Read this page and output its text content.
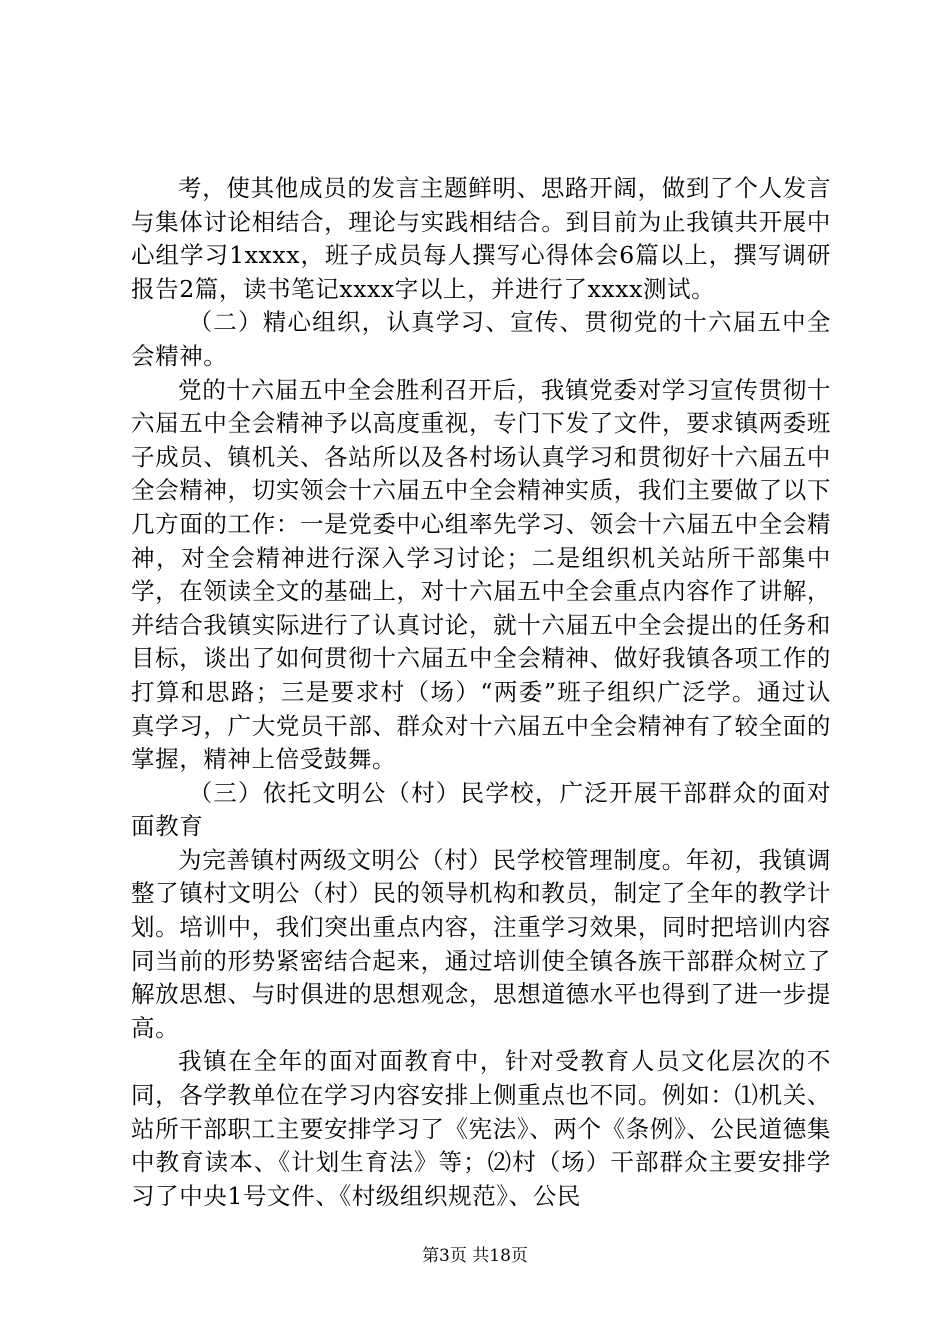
考，使其他成员的发言主题鲜明、思路开阔，做到了个人发言与集体讨论相结合，理论与实践相结合。到目前为止我镇共开展中心组学习1xxxx，班子成员每人撰写心得体会6篇以上，撰写调研报告2篇，读书笔记xxxx字以上，并进行了xxxx测试。

（二）精心组织，认真学习、宣传、贯彻党的十六届五中全会精神。

党的十六届五中全会胜利召开后，我镇党委对学习宣传贯彻十六届五中全会精神予以高度重视，专门下发了文件，要求镇两委班子成员、镇机关、各站所以及各村场认真学习和贯彻好十六届五中全会精神，切实领会十六届五中全会精神实质，我们主要做了以下几方面的工作：一是党委中心组率先学习、领会十六届五中全会精神，对全会精神进行深入学习讨论；二是组织机关站所干部集中学，在领读全文的基础上，对十六届五中全会重点内容作了讲解，并结合我镇实际进行了认真讨论，就十六届五中全会提出的任务和目标，谈出了如何贯彻十六届五中全会精神、做好我镇各项工作的打算和思路；三是要求村（场）“两委”班子组织广泛学。通过认真学习，广大党员干部、群众对十六届五中全会精神有了较全面的掌握，精神上倍受鼓舞。

（三）依托文明公（村）民学校，广泛开展干部群众的面对面教育

为完善镇村两级文明公（村）民学校管理制度。年初，我镇调整了镇村文明公（村）民的领导机构和教员，制定了全年的教学计划。培训中，我们突出重点内容，注重学习效果，同时把培训内容同当前的形势紧密结合起来，通过培训使全镇各族干部群众树立了解放思想、与时俱进的思想观念，思想道德水平也得到了进一步提高。

我镇在全年的面对面教育中，针对受教育人员文化层次的不同，各学教单位在学习内容安排上侧重点也不同。例如：⑴机关、站所干部职工主要安排学习了《宪法》、两个《条例》、公民道德集中教育读本、《计划生育法》等；⑵村（场）干部群众主要安排学习了中央1号文件、《村级组织规范》、公民

第3页 共18页
